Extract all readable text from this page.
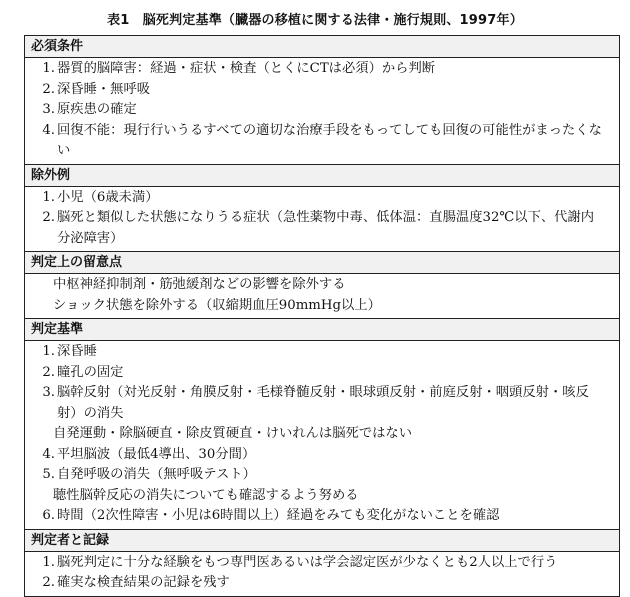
表1　脳死判定基準（臓器の移植に関する法律・施行規則、1997年）
必須条件
1. 器質的脳障害：経過・症状・検査（とくにCTは必須）から判断
2. 深昏睡・無呼吸
3. 原疾患の確定
4. 回復不能：現行行いうるすべての適切な治療手段をもってしても回復の可能性がまったくない
除外例
1. 小児（6歳未満）
2. 脳死と類似した状態になりうる症状（急性薬物中毒、低体温：直腸温度32℃以下、代謝内分泌障害）
判定上の留意点
中枢神経抑制剤・筋弛緩剤などの影響を除外する
ショック状態を除外する（収縮期血圧90mmHg以上）
判定基準
1. 深昏睡
2. 瞳孔の固定
3. 脳幹反射（対光反射・角膜反射・毛様脊髄反射・眼球頭反射・前庭反射・咽頭反射・咳反射）の消失
自発運動・除脳硬直・除皮質硬直・けいれんは脳死ではない
4. 平坦脳波（最低4導出、30分間）
5. 自発呼吸の消失（無呼吸テスト）
聴性脳幹反応の消失についても確認するよう努める
6. 時間（2次性障害・小児は6時間以上）経過をみても変化がないことを確認
判定者と記録
1. 脳死判定に十分な経験をもつ専門医あるいは学会認定医が少なくとも2人以上で行う
2. 確実な検査結果の記録を残す
